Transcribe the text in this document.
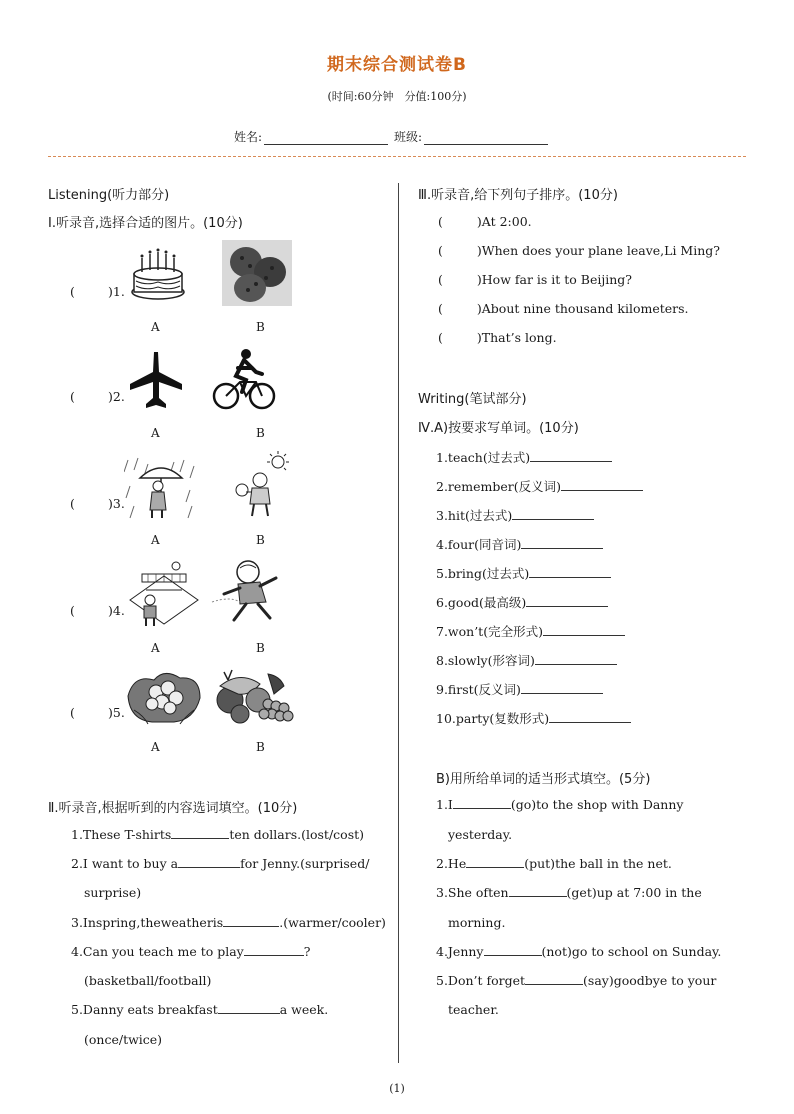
期末综合测试卷B
(时间:60分钟　分值:100分)
姓名:	班级:
Listening(听力部分)
Ⅰ.听录音,选择合适的图片。(10分)
(	)1.
A	B
(	)2.
A	B
(	)3.
A	B
(	)4.
A	B
(	)5.
A	B
Ⅱ.听录音,根据听到的内容选词填空。(10分)
1.These T-shirts	ten dollars.(lost/cost)
2.I want to buy a	for Jenny.(surprised/
surprise)
3.Inspring,theweatheris	.(warmer/cooler)
4.Can you teach me to play	?
(basketball/football)
5.Danny eats breakfast	a week.
(once/twice)
Ⅲ.听录音,给下列句子排序。(10分)
(	)At 2:00.
(	)When does your plane leave,Li Ming?
(	)How far is it to Beijing?
(	)About nine thousand kilometers.
(	)That’s long.
Writing(笔试部分)
Ⅳ.A)按要求写单词。(10分)
1.teach(过去式)
2.remember(反义词)
3.hit(过去式)
4.four(同音词)
5.bring(过去式)
6.good(最高级)
7.won’t(完全形式)
8.slowly(形容词)
9.first(反义词)
10.party(复数形式)
B)用所给单词的适当形式填空。(5分)
1.I	(go)to the shop with Danny
yesterday.
2.He	(put)the ball in the net.
3.She often	(get)up at 7:00 in the
morning.
4.Jenny	(not)go to school on Sunday.
5.Don’t forget	(say)goodbye to your
teacher.
(1)
